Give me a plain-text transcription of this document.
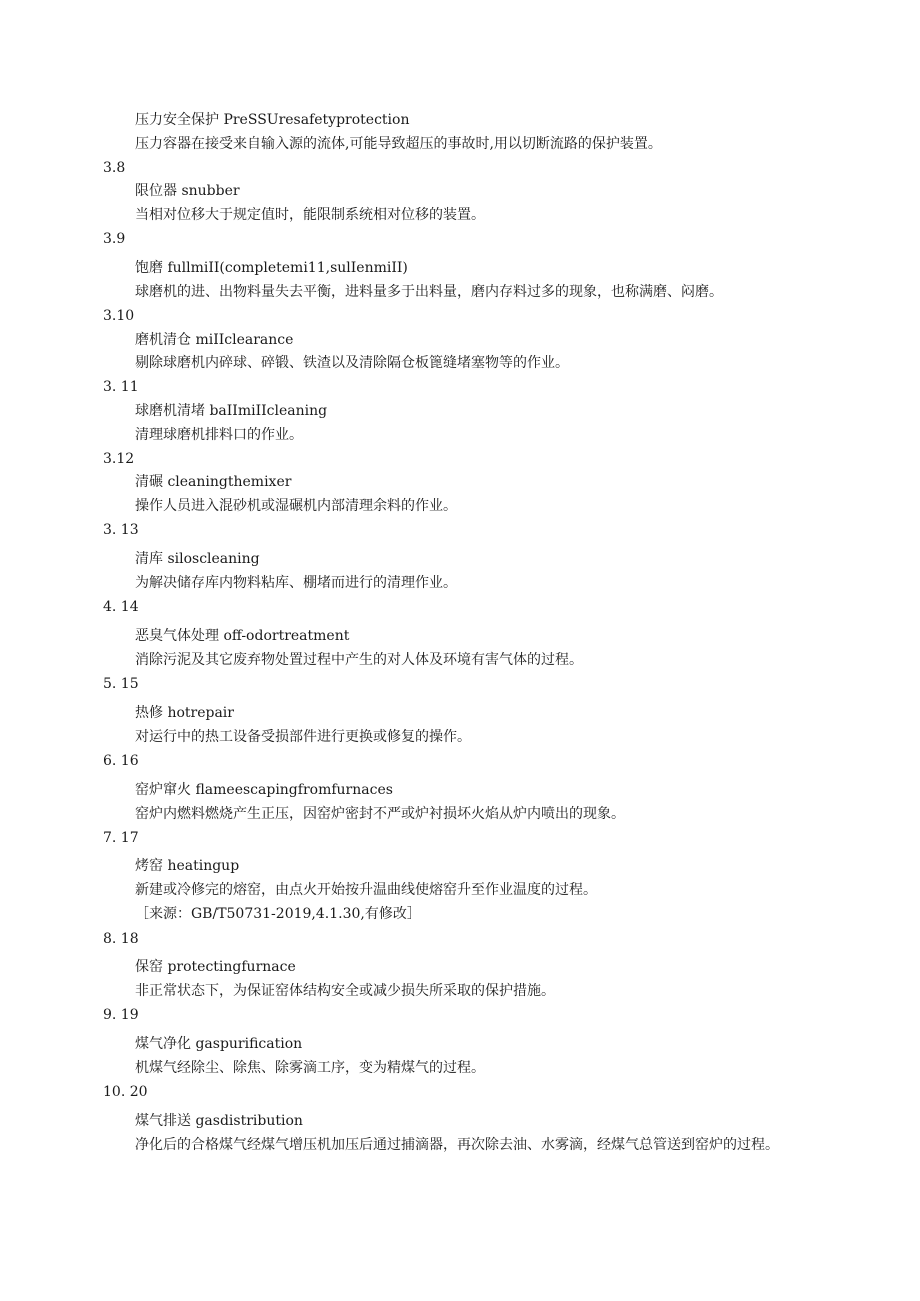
压力安全保护 PreSSUresafetyprotection
压力容器在接受来自输入源的流体,可能导致超压的事故时,用以切断流路的保护装置。
3.8
限位器 snubber
当相对位移大于规定值时，能限制系统相对位移的装置。
3.9
饱磨 fullmiII(completemi11,sulIenmiII)
球磨机的进、出物料量失去平衡，进料量多于出料量，磨内存料过多的现象，也称满磨、闷磨。
3.10
磨机清仓 miIIclearance
剔除球磨机内碎球、碎锻、铁渣以及清除隔仓板篦缝堵塞物等的作业。
3. 11
球磨机清堵 baIImiIIcleaning
清理球磨机排料口的作业。
3.12
清碾 cleaningthemixer
操作人员进入混砂机或湿碾机内部清理余料的作业。
3. 13
清库 siloscleaning
为解决储存库内物料粘库、棚堵而进行的清理作业。
4. 14
恶臭气体处理 off-odortreatment
消除污泥及其它废弃物处置过程中产生的对人体及环境有害气体的过程。
5. 15
热修 hotrepair
对运行中的热工设备受损部件进行更换或修复的操作。
6. 16
窑炉窜火 flameescapingfromfurnaces
窑炉内燃料燃烧产生正压，因窑炉密封不严或炉衬损坏火焰从炉内喷出的现象。
7. 17
烤窑 heatingup
新建或冷修完的熔窑，由点火开始按升温曲线使熔窑升至作业温度的过程。
［来源：GB/T50731-2019,4.1.30,有修改］
8. 18
保窑 protectingfurnace
非正常状态下，为保证窑体结构安全或减少损失所采取的保护措施。
9. 19
煤气净化 gaspurification
机煤气经除尘、除焦、除雾滴工序，变为精煤气的过程。
10. 20
煤气排送 gasdistribution
净化后的合格煤气经煤气增压机加压后通过捕滴器，再次除去油、水雾滴，经煤气总管送到窑炉的过程。
